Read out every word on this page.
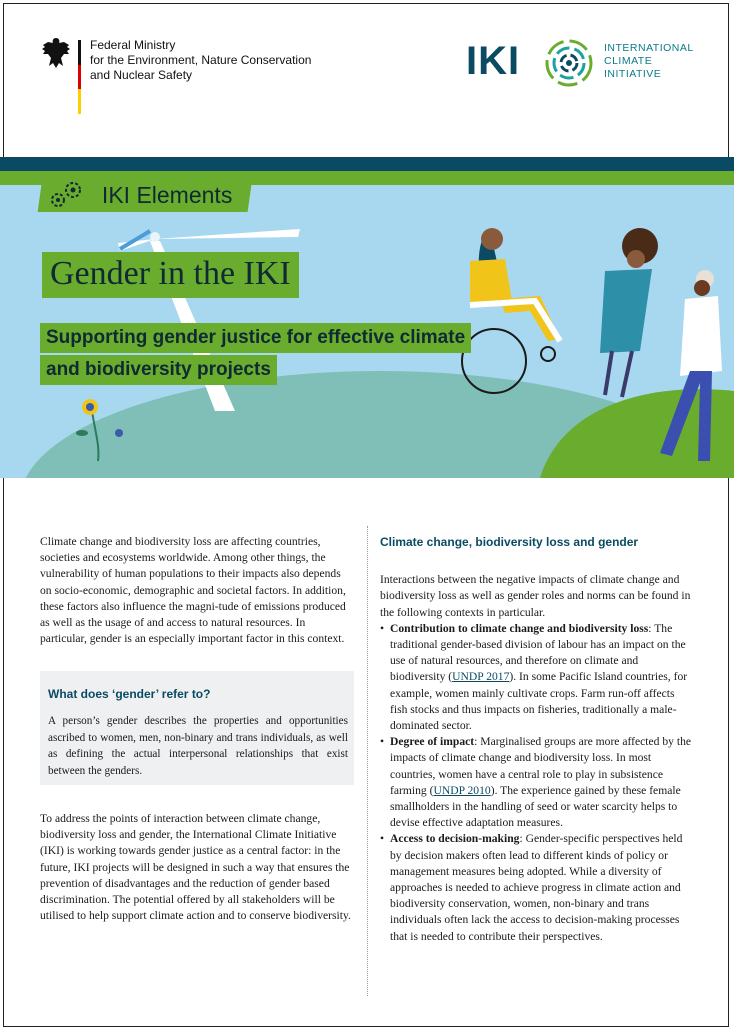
Federal Ministry
for the Environment, Nature Conservation
and Nuclear Safety	IKI	INTERNATIONAL
CLIMATE
INITIATIVE
IKI Elements
Gender in the IKI
Supporting gender justice for effective climate
and biodiversity projects

Climate change and biodiversity loss are affecting countries, societies and ecosystems worldwide. Among other things, the vulnerability of human populations to their impacts also depends on socio-economic, demographic and societal factors. In addition, these factors also influence the magni-tude of emissions produced as well as the usage of and access to natural resources. In particular, gender is an especially important factor in this context.

What does ‘gender’ refer to?
A person’s gender describes the properties and opportunities ascribed to women, men, non-binary and trans individuals, as well as defining the actual interpersonal relationships that exist between the genders.

To address the points of interaction between climate change, biodiversity loss and gender, the International Climate Initiative (IKI) is working towards gender justice as a central factor: in the future, IKI projects will be designed in such a way that ensures the prevention of disadvantages and the reduction of gender based discrimination. The potential offered by all stakeholders will be utilised to help support climate action and to conserve biodiversity.

Climate change, biodiversity loss and gender

Interactions between the negative impacts of climate change and biodiversity loss as well as gender roles and norms can be found in the following contexts in particular.

• Contribution to climate change and biodiversity loss: The traditional gender-based division of labour has an impact on the use of natural resources, and therefore on climate and biodiversity (UNDP 2017). In some Pacific Island countries, for example, women mainly cultivate crops. Farm run-off affects fish stocks and thus impacts on fisheries, traditionally a male-dominated sector.
• Degree of impact: Marginalised groups are more affected by the impacts of climate change and biodiversity loss. In most countries, women have a central role to play in subsistence farming (UNDP 2010). The experience gained by these female smallholders in the handling of seed or water scarcity helps to devise effective adaptation measures.
• Access to decision-making: Gender-specific perspectives held by decision makers often lead to different kinds of policy or management measures being adopted. While a diversity of approaches is needed to achieve progress in climate action and biodiversity conservation, women, non-binary and trans individuals often lack the access to decision-making processes that is needed to contribute their perspectives.
